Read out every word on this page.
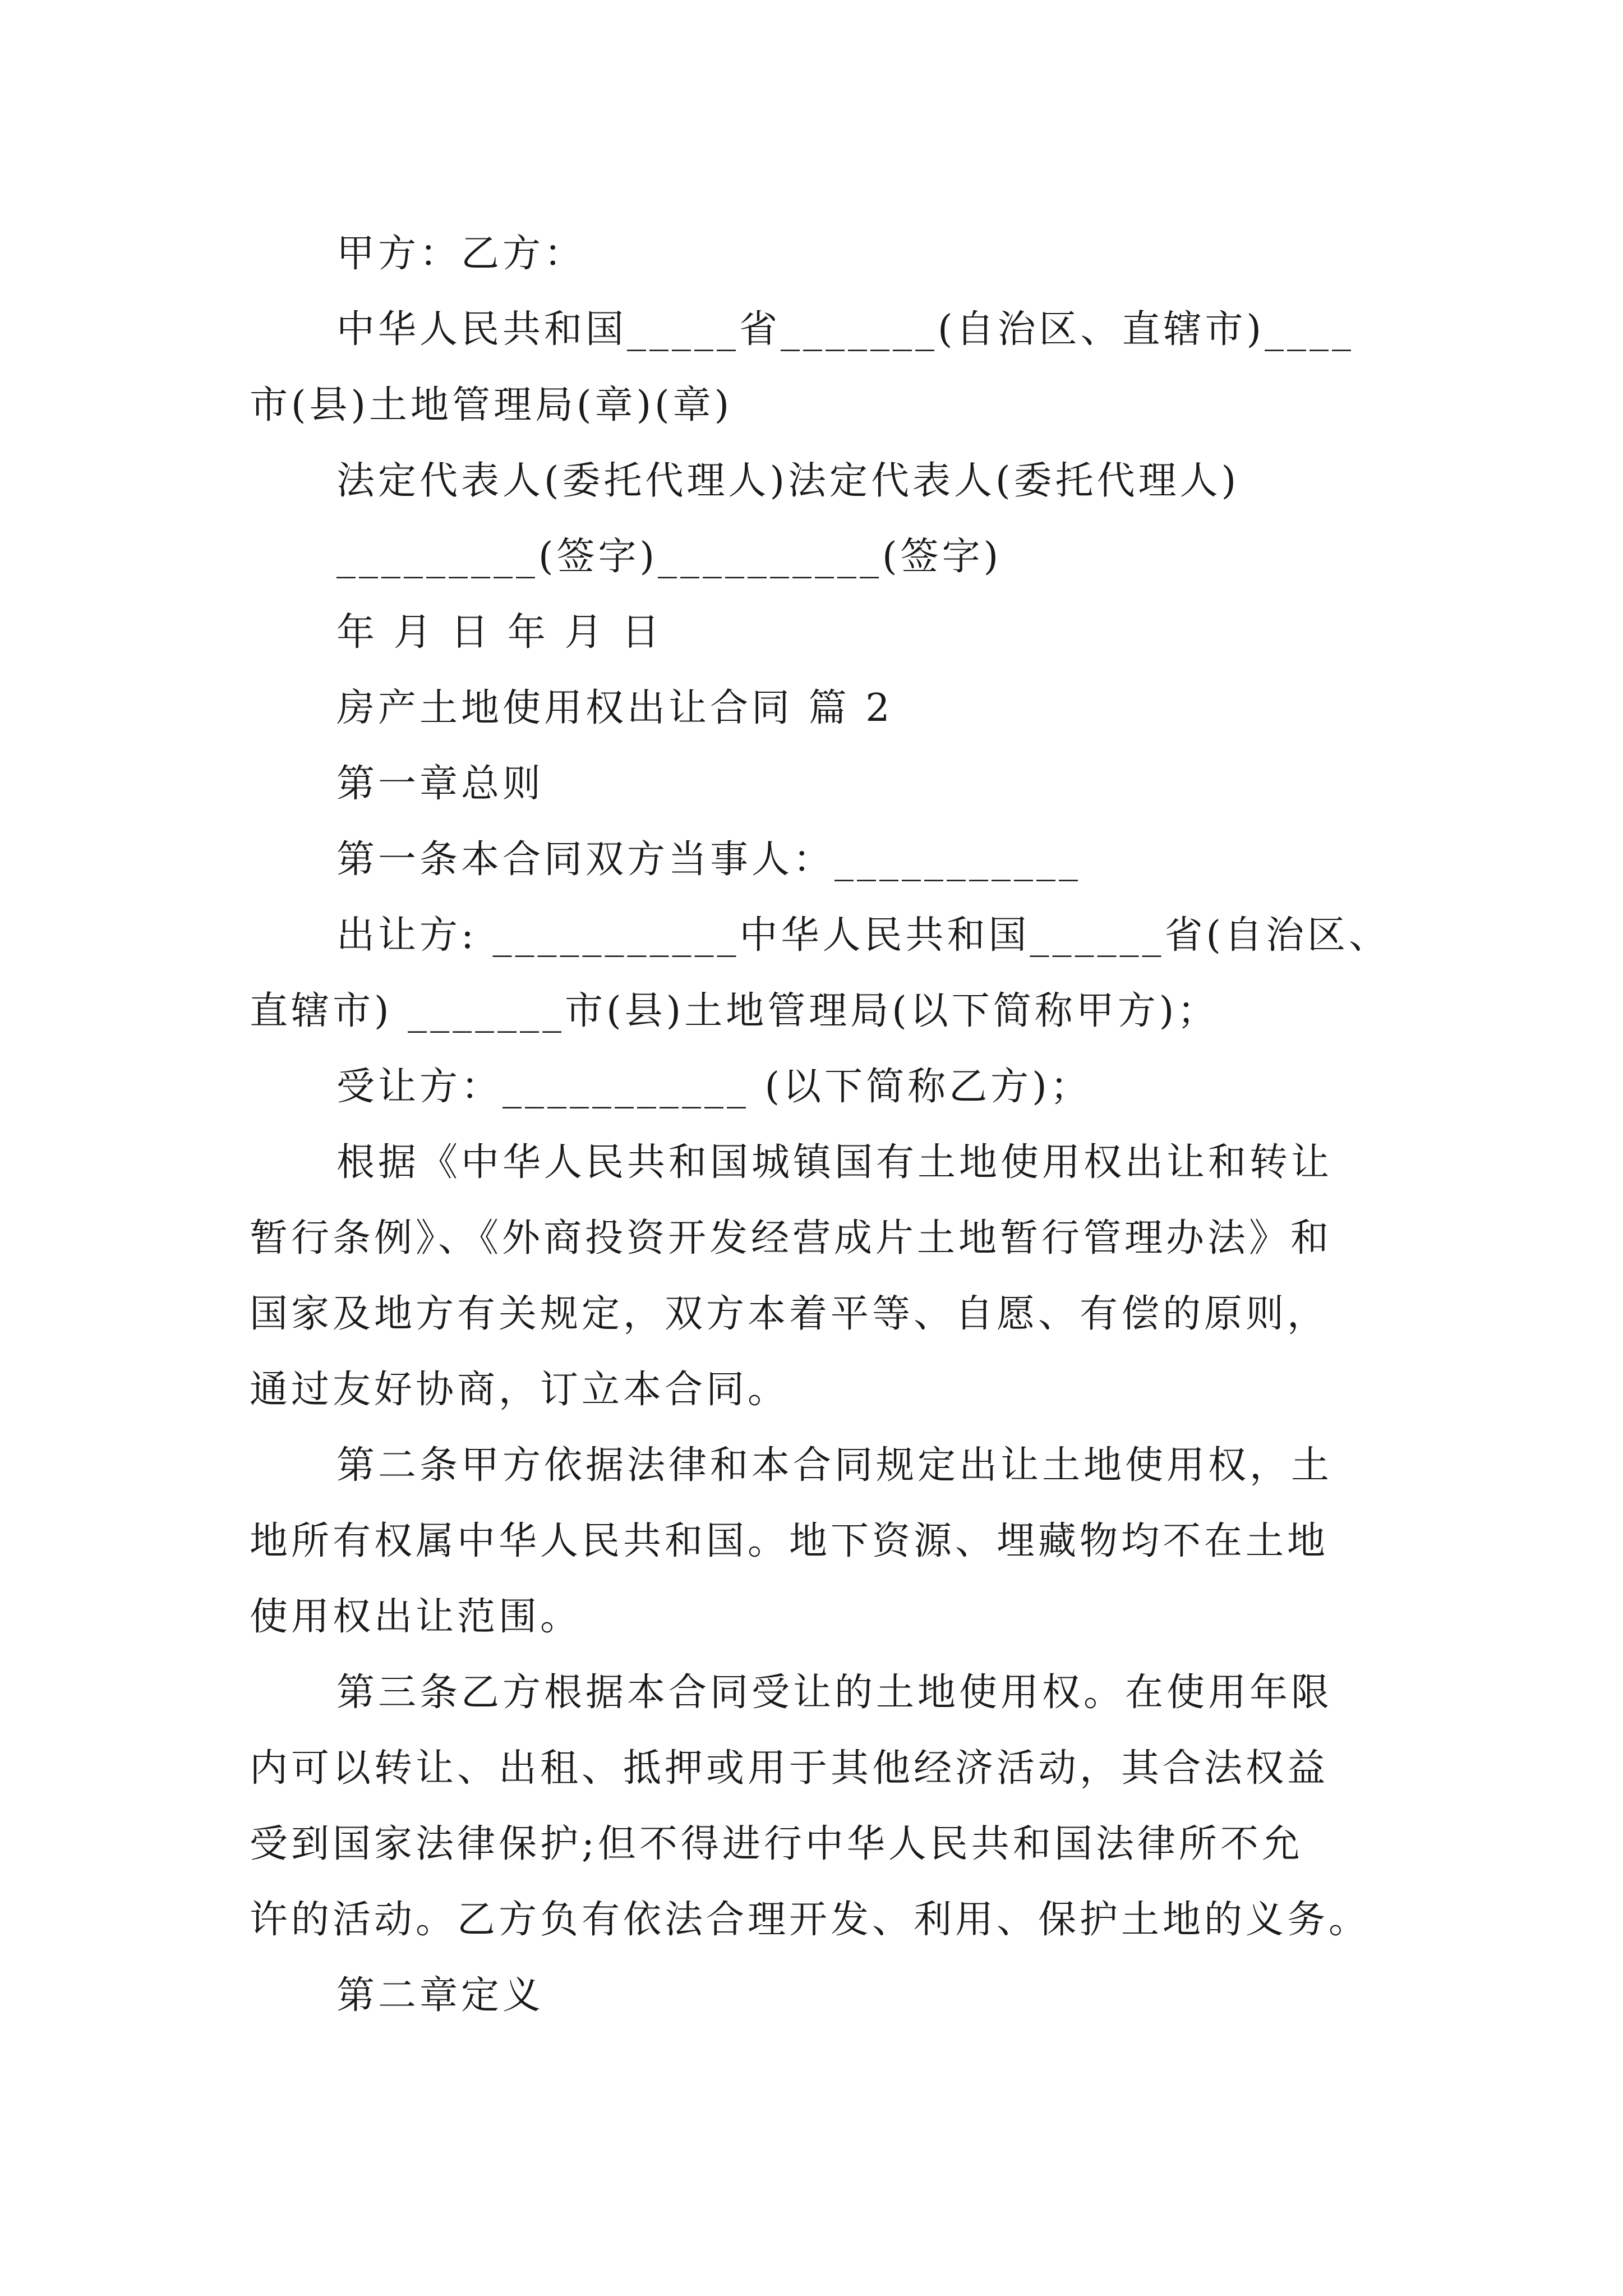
甲方：乙方：
中华人民共和国_____省_______(自治区、直辖市)____
市(县)土地管理局(章)(章)
法定代表人(委托代理人)法定代表人(委托代理人)
_________(签字)__________(签字)
年 月 日 年 月 日
房产土地使用权出让合同 篇 2
第一章总则
第一条本合同双方当事人：___________
出让方: ___________中华人民共和国______省(自治区、
直辖市) _______市(县)土地管理局(以下简称甲方)；
受让方：___________ (以下简称乙方)；
根据《中华人民共和国城镇国有土地使用权出让和转让
暂行条例》、《外商投资开发经营成片土地暂行管理办法》和
国家及地方有关规定，双方本着平等、自愿、有偿的原则，
通过友好协商，订立本合同。
第二条甲方依据法律和本合同规定出让土地使用权，土
地所有权属中华人民共和国。地下资源、埋藏物均不在土地
使用权出让范围。
第三条乙方根据本合同受让的土地使用权。在使用年限
内可以转让、出租、抵押或用于其他经济活动，其合法权益
受到国家法律保护;但不得进行中华人民共和国法律所不允
许的活动。乙方负有依法合理开发、利用、保护土地的义务。
第二章定义
